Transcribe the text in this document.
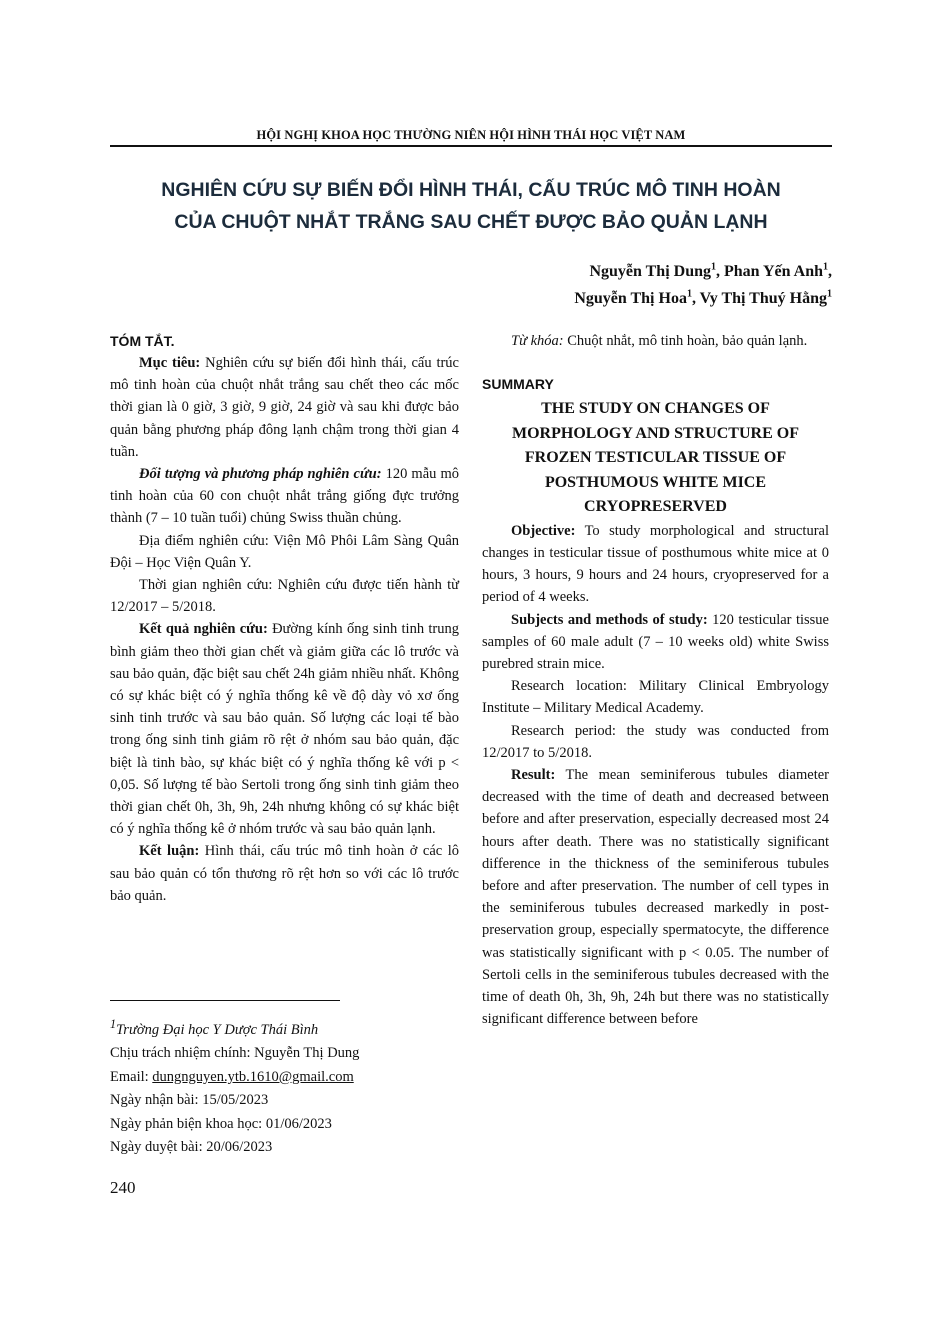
HỘI NGHỊ KHOA HỌC THƯỜNG NIÊN HỘI HÌNH THÁI HỌC VIỆT NAM
NGHIÊN CỨU SỰ BIẾN ĐỔI HÌNH THÁI, CẤU TRÚC MÔ TINH HOÀN
CỦA CHUỘT NHẮT TRẮNG SAU CHẾT ĐƯỢC BẢO QUẢN LẠNH
Nguyễn Thị Dung$^1$, Phan Yến Anh$^1$,
Nguyễn Thị Hoa$^1$, Vy Thị Thuý Hằng$^1$
TÓM TẮT.

Mục tiêu: Nghiên cứu sự biến đổi hình thái, cấu trúc mô tinh hoàn của chuột nhắt trắng sau chết theo các mốc thời gian là 0 giờ, 3 giờ, 9 giờ, 24 giờ và sau khi được bảo quản bằng phương pháp đông lạnh chậm trong thời gian 4 tuần.

Đối tượng và phương pháp nghiên cứu: 120 mẫu mô tinh hoàn của 60 con chuột nhắt trắng giống đực trưởng thành (7 – 10 tuần tuổi) chủng Swiss thuần chủng.

Địa điểm nghiên cứu: Viện Mô Phôi Lâm Sàng Quân Đội – Học Viện Quân Y.

Thời gian nghiên cứu: Nghiên cứu được tiến hành từ 12/2017 – 5/2018.

Kết quả nghiên cứu: Đường kính ống sinh tinh trung bình giảm theo thời gian chết và giảm giữa các lô trước và sau bảo quản, đặc biệt sau chết 24h giảm nhiều nhất. Không có sự khác biệt có ý nghĩa thống kê về độ dày vỏ xơ ống sinh tinh trước và sau bảo quản. Số lượng các loại tế bào trong ống sinh tinh giảm rõ rệt ở nhóm sau bảo quản, đặc biệt là tinh bào, sự khác biệt có ý nghĩa thống kê với p < 0,05. Số lượng tế bào Sertoli trong ống sinh tinh giảm theo thời gian chết 0h, 3h, 9h, 24h nhưng không có sự khác biệt có ý nghĩa thống kê ở nhóm trước và sau bảo quản lạnh.

Kết luận: Hình thái, cấu trúc mô tinh hoàn ở các lô sau bảo quản có tổn thương rõ rệt hơn so với các lô trước bảo quản.

$^1$Trường Đại học Y Dược Thái Bình
Chịu trách nhiệm chính: Nguyễn Thị Dung
Email: dungnguyen.ytb.1610@gmail.com
Ngày nhận bài: 15/05/2023
Ngày phản biện khoa học: 01/06/2023
Ngày duyệt bài: 20/06/2023

Từ khóa: Chuột nhắt, mô tinh hoàn, bảo quản lạnh.

SUMMARY
THE STUDY ON CHANGES OF
MORPHOLOGY AND STRUCTURE OF
FROZEN TESTICULAR TISSUE OF
POSTHUMOUS WHITE MICE
CRYOPRESERVED

Objective: To study morphological and structural changes in testicular tissue of posthumous white mice at 0 hours, 3 hours, 9 hours and 24 hours, cryopreserved for a period of 4 weeks.

Subjects and methods of study: 120 testicular tissue samples of 60 male adult (7 – 10 weeks old) white Swiss purebred strain mice.

Research location: Military Clinical Embryology Institute – Military Medical Academy.

Research period: the study was conducted from 12/2017 to 5/2018.

Result: The mean seminiferous tubules diameter decreased with the time of death and decreased between before and after preservation, especially decreased most 24 hours after death. There was no statistically significant difference in the thickness of the seminiferous tubules before and after preservation. The number of cell types in the seminiferous tubules decreased markedly in post-preservation group, especially spermatocyte, the difference was statistically significant with p < 0.05. The number of Sertoli cells in the seminiferous tubules decreased with the time of death 0h, 3h, 9h, 24h but there was no statistically significant difference between before

240
